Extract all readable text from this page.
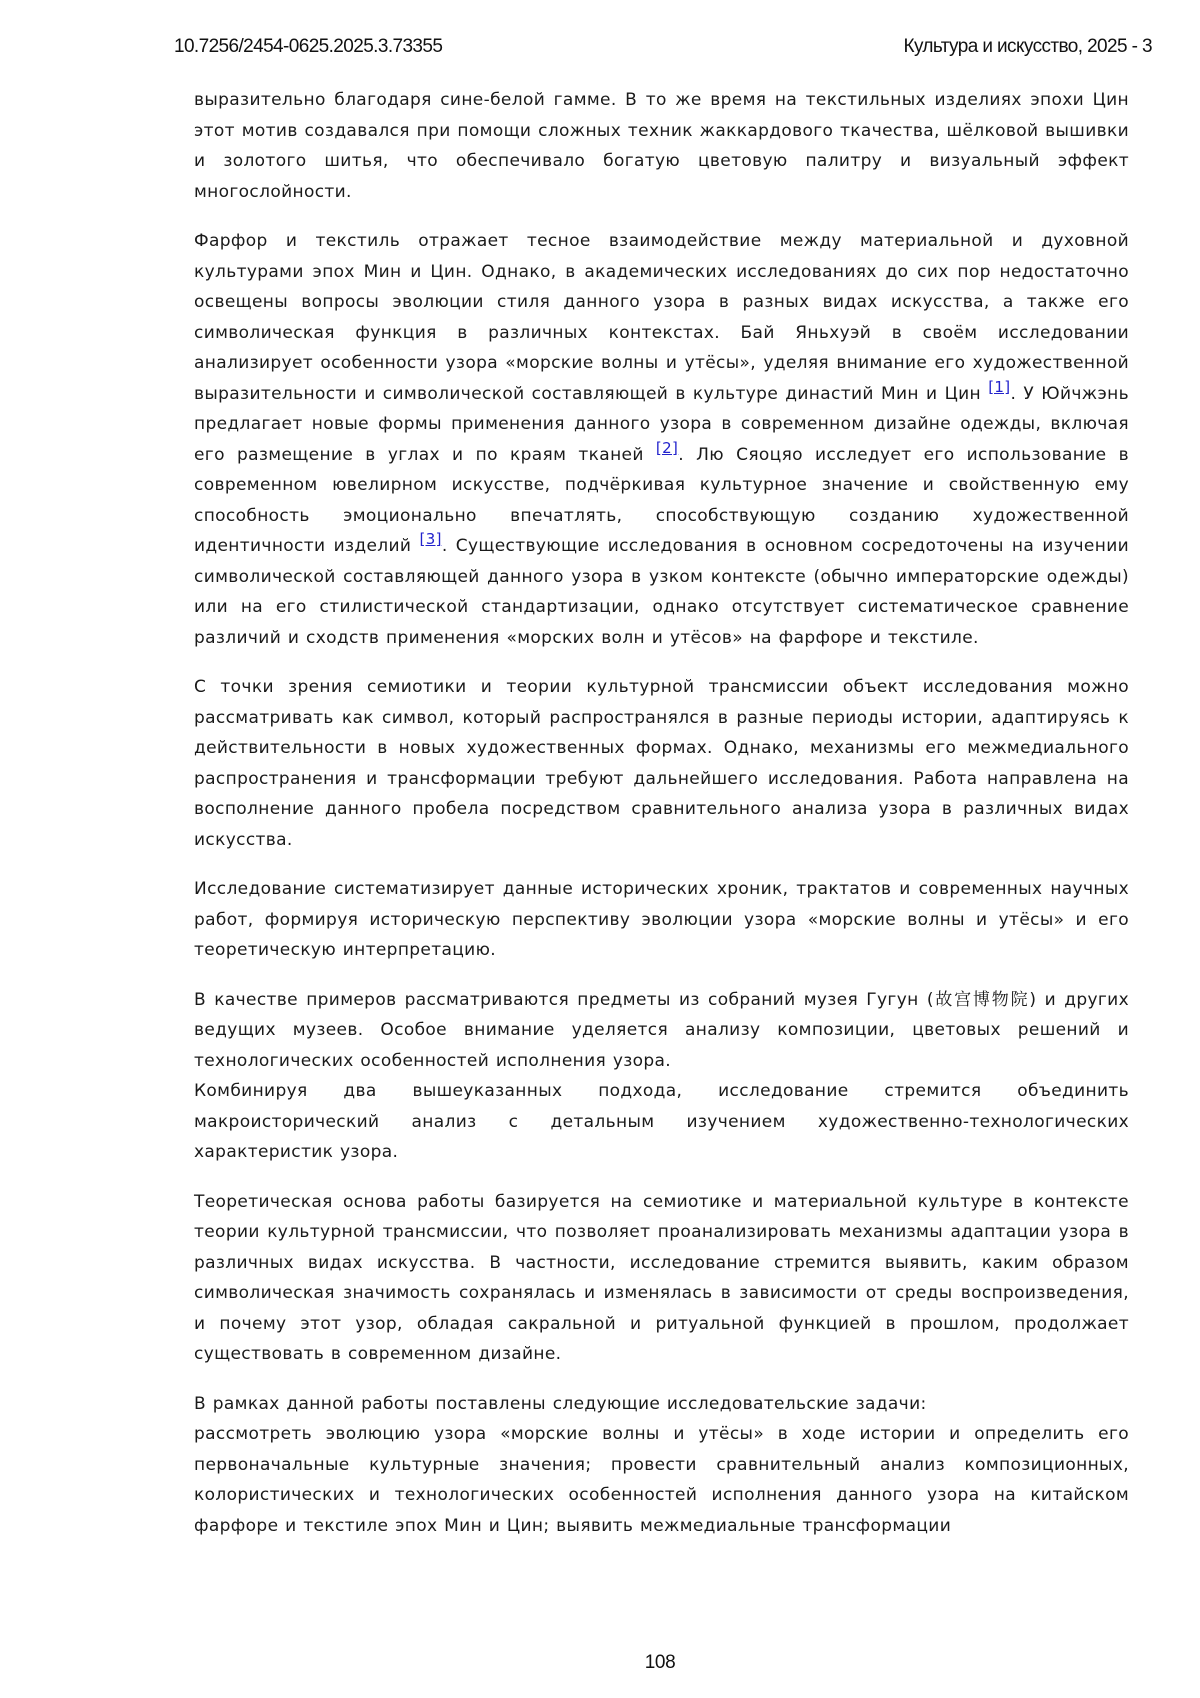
10.7256/2454-0625.2025.3.73355	Культура и искусство, 2025 - 3

выразительно благодаря сине-белой гамме. В то же время на текстильных изделиях эпохи Цин этот мотив создавался при помощи сложных техник жаккардового ткачества, шёлковой вышивки и золотого шитья, что обеспечивало богатую цветовую палитру и визуальный эффект многослойности.

Фарфор и текстиль отражает тесное взаимодействие между материальной и духовной культурами эпох Мин и Цин. Однако, в академических исследованиях до сих пор недостаточно освещены вопросы эволюции стиля данного узора в разных видах искусства, а также его символическая функция в различных контекстах. Бай Яньхуэй в своём исследовании анализирует особенности узора «морские волны и утёсы», уделяя внимание его художественной выразительности и символической составляющей в культуре династий Мин и Цин [1]. У Юйчжэнь предлагает новые формы применения данного узора в современном дизайне одежды, включая его размещение в углах и по краям тканей [2]. Лю Сяоцяо исследует его использование в современном ювелирном искусстве, подчёркивая культурное значение и свойственную ему способность эмоционально впечатлять, способствующую созданию художественной идентичности изделий [3]. Существующие исследования в основном сосредоточены на изучении символической составляющей данного узора в узком контексте (обычно императорские одежды) или на его стилистической стандартизации, однако отсутствует систематическое сравнение различий и сходств применения «морских волн и утёсов» на фарфоре и текстиле.

С точки зрения семиотики и теории культурной трансмиссии объект исследования можно рассматривать как символ, который распространялся в разные периоды истории, адаптируясь к действительности в новых художественных формах. Однако, механизмы его межмедиального распространения и трансформации требуют дальнейшего исследования. Работа направлена на восполнение данного пробела посредством сравнительного анализа узора в различных видах искусства.

Исследование систематизирует данные исторических хроник, трактатов и современных научных работ, формируя историческую перспективу эволюции узора «морские волны и утёсы» и его теоретическую интерпретацию.

В качестве примеров рассматриваются предметы из собраний музея Гугун (故宫博物院) и других ведущих музеев. Особое внимание уделяется анализу композиции, цветовых решений и технологических особенностей исполнения узора.

Комбинируя два вышеуказанных подхода, исследование стремится объединить макроисторический анализ с детальным изучением художественно-технологических характеристик узора.

Теоретическая основа работы базируется на семиотике и материальной культуре в контексте теории культурной трансмиссии, что позволяет проанализировать механизмы адаптации узора в различных видах искусства. В частности, исследование стремится выявить, каким образом символическая значимость сохранялась и изменялась в зависимости от среды воспроизведения, и почему этот узор, обладая сакральной и ритуальной функцией в прошлом, продолжает существовать в современном дизайне.

В рамках данной работы поставлены следующие исследовательские задачи:

рассмотреть эволюцию узора «морские волны и утёсы» в ходе истории и определить его первоначальные культурные значения; провести сравнительный анализ композиционных, колористических и технологических особенностей исполнения данного узора на китайском фарфоре и текстиле эпох Мин и Цин; выявить межмедиальные трансформации

108
